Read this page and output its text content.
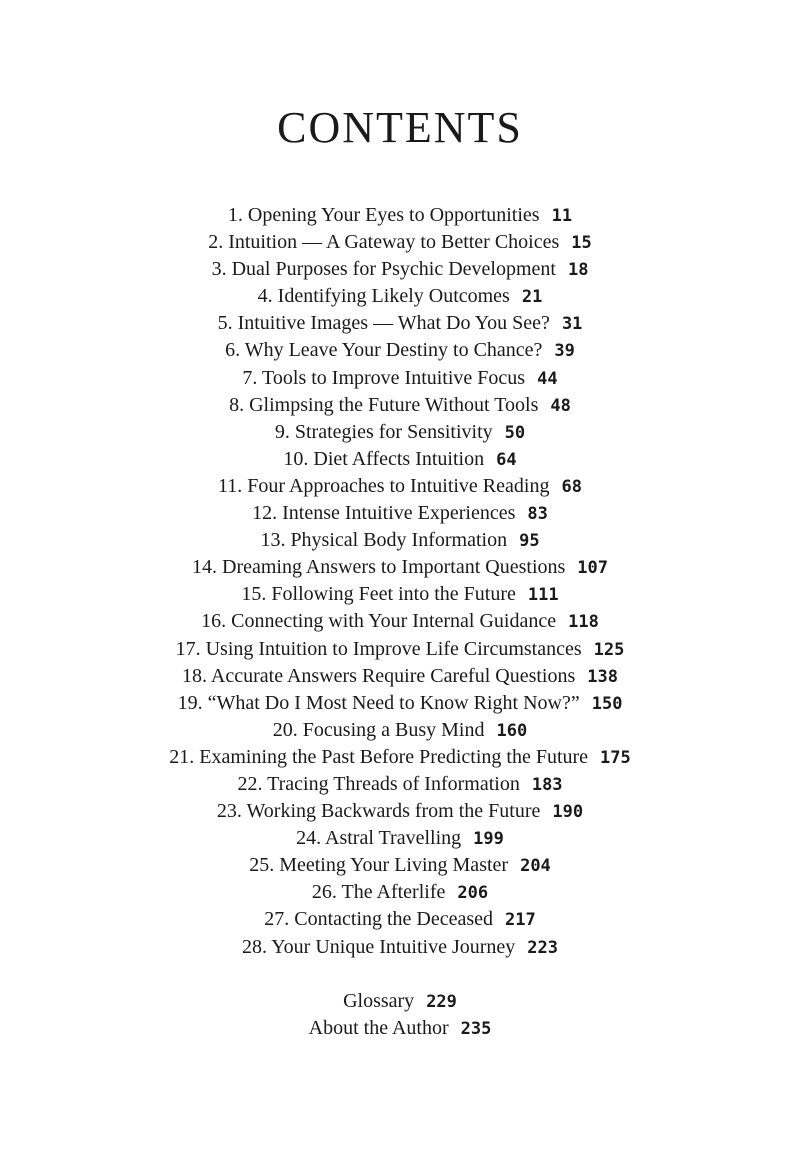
CONTENTS
1. Opening Your Eyes to Opportunities 11
2. Intuition — A Gateway to Better Choices 15
3. Dual Purposes for Psychic Development 18
4. Identifying Likely Outcomes 21
5. Intuitive Images — What Do You See? 31
6. Why Leave Your Destiny to Chance? 39
7. Tools to Improve Intuitive Focus 44
8. Glimpsing the Future Without Tools 48
9. Strategies for Sensitivity 50
10. Diet Affects Intuition 64
11. Four Approaches to Intuitive Reading 68
12. Intense Intuitive Experiences 83
13. Physical Body Information 95
14. Dreaming Answers to Important Questions 107
15. Following Feet into the Future 111
16. Connecting with Your Internal Guidance 118
17. Using Intuition to Improve Life Circumstances 125
18. Accurate Answers Require Careful Questions 138
19. “What Do I Most Need to Know Right Now?” 150
20. Focusing a Busy Mind 160
21. Examining the Past Before Predicting the Future 175
22. Tracing Threads of Information 183
23. Working Backwards from the Future 190
24. Astral Travelling 199
25. Meeting Your Living Master 204
26. The Afterlife 206
27. Contacting the Deceased 217
28. Your Unique Intuitive Journey 223
Glossary 229
About the Author 235
